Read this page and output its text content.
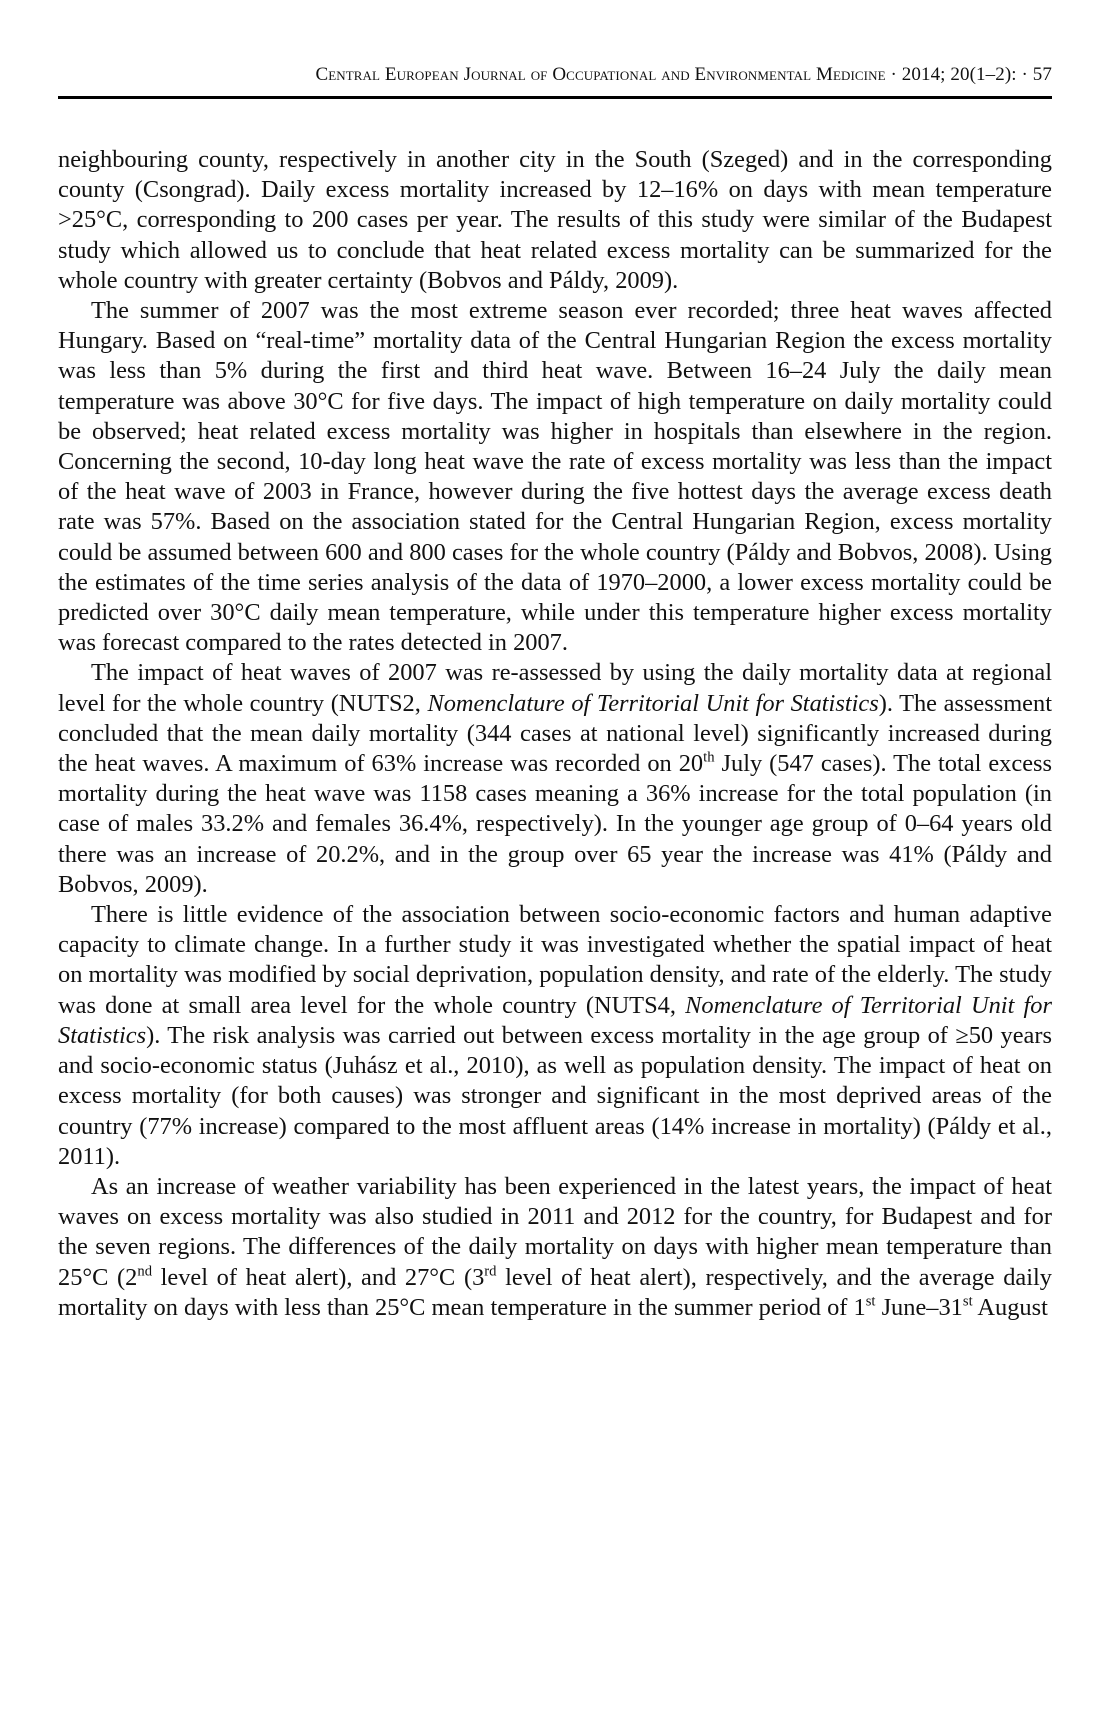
Central European Journal of Occupational and Environmental Medicine · 2014; 20(1–2): · 57

neighbouring county, respectively in another city in the South (Szeged) and in the corresponding county (Csongrad). Daily excess mortality increased by 12–16% on days with mean temperature >25°C, corresponding to 200 cases per year. The results of this study were similar of the Budapest study which allowed us to conclude that heat related excess mortality can be summarized for the whole country with greater certainty (Bobvos and Páldy, 2009).

The summer of 2007 was the most extreme season ever recorded; three heat waves affected Hungary. Based on “real-time” mortality data of the Central Hungarian Region the excess mortality was less than 5% during the first and third heat wave. Between 16–24 July the daily mean temperature was above 30°C for five days. The impact of high temperature on daily mortality could be observed; heat related excess mortality was higher in hospitals than elsewhere in the region. Concerning the second, 10-day long heat wave the rate of excess mortality was less than the impact of the heat wave of 2003 in France, however during the five hottest days the average excess death rate was 57%. Based on the association stated for the Central Hungarian Region, excess mortality could be assumed between 600 and 800 cases for the whole country (Páldy and Bobvos, 2008). Using the estimates of the time series analysis of the data of 1970–2000, a lower excess mortality could be predicted over 30°C daily mean temperature, while under this temperature higher excess mortality was forecast compared to the rates detected in 2007.

The impact of heat waves of 2007 was re-assessed by using the daily mortality data at regional level for the whole country (NUTS2, Nomenclature of Territorial Unit for Statistics). The assessment concluded that the mean daily mortality (344 cases at national level) significantly increased during the heat waves. A maximum of 63% increase was recorded on 20th July (547 cases). The total excess mortality during the heat wave was 1158 cases meaning a 36% increase for the total population (in case of males 33.2% and females 36.4%, respectively). In the younger age group of 0–64 years old there was an increase of 20.2%, and in the group over 65 year the increase was 41% (Páldy and Bobvos, 2009).

There is little evidence of the association between socio-economic factors and human adaptive capacity to climate change. In a further study it was investigated whether the spatial impact of heat on mortality was modified by social deprivation, population density, and rate of the elderly. The study was done at small area level for the whole country (NUTS4, Nomenclature of Territorial Unit for Statistics). The risk analysis was carried out between excess mortality in the age group of ≥50 years and socio-economic status (Juhász et al., 2010), as well as population density. The impact of heat on excess mortality (for both causes) was stronger and significant in the most deprived areas of the country (77% increase) compared to the most affluent areas (14% increase in mortality) (Páldy et al., 2011).

As an increase of weather variability has been experienced in the latest years, the impact of heat waves on excess mortality was also studied in 2011 and 2012 for the country, for Budapest and for the seven regions. The differences of the daily mortality on days with higher mean temperature than 25°C (2nd level of heat alert), and 27°C (3rd level of heat alert), respectively, and the average daily mortality on days with less than 25°C mean temperature in the summer period of 1st June–31st August
